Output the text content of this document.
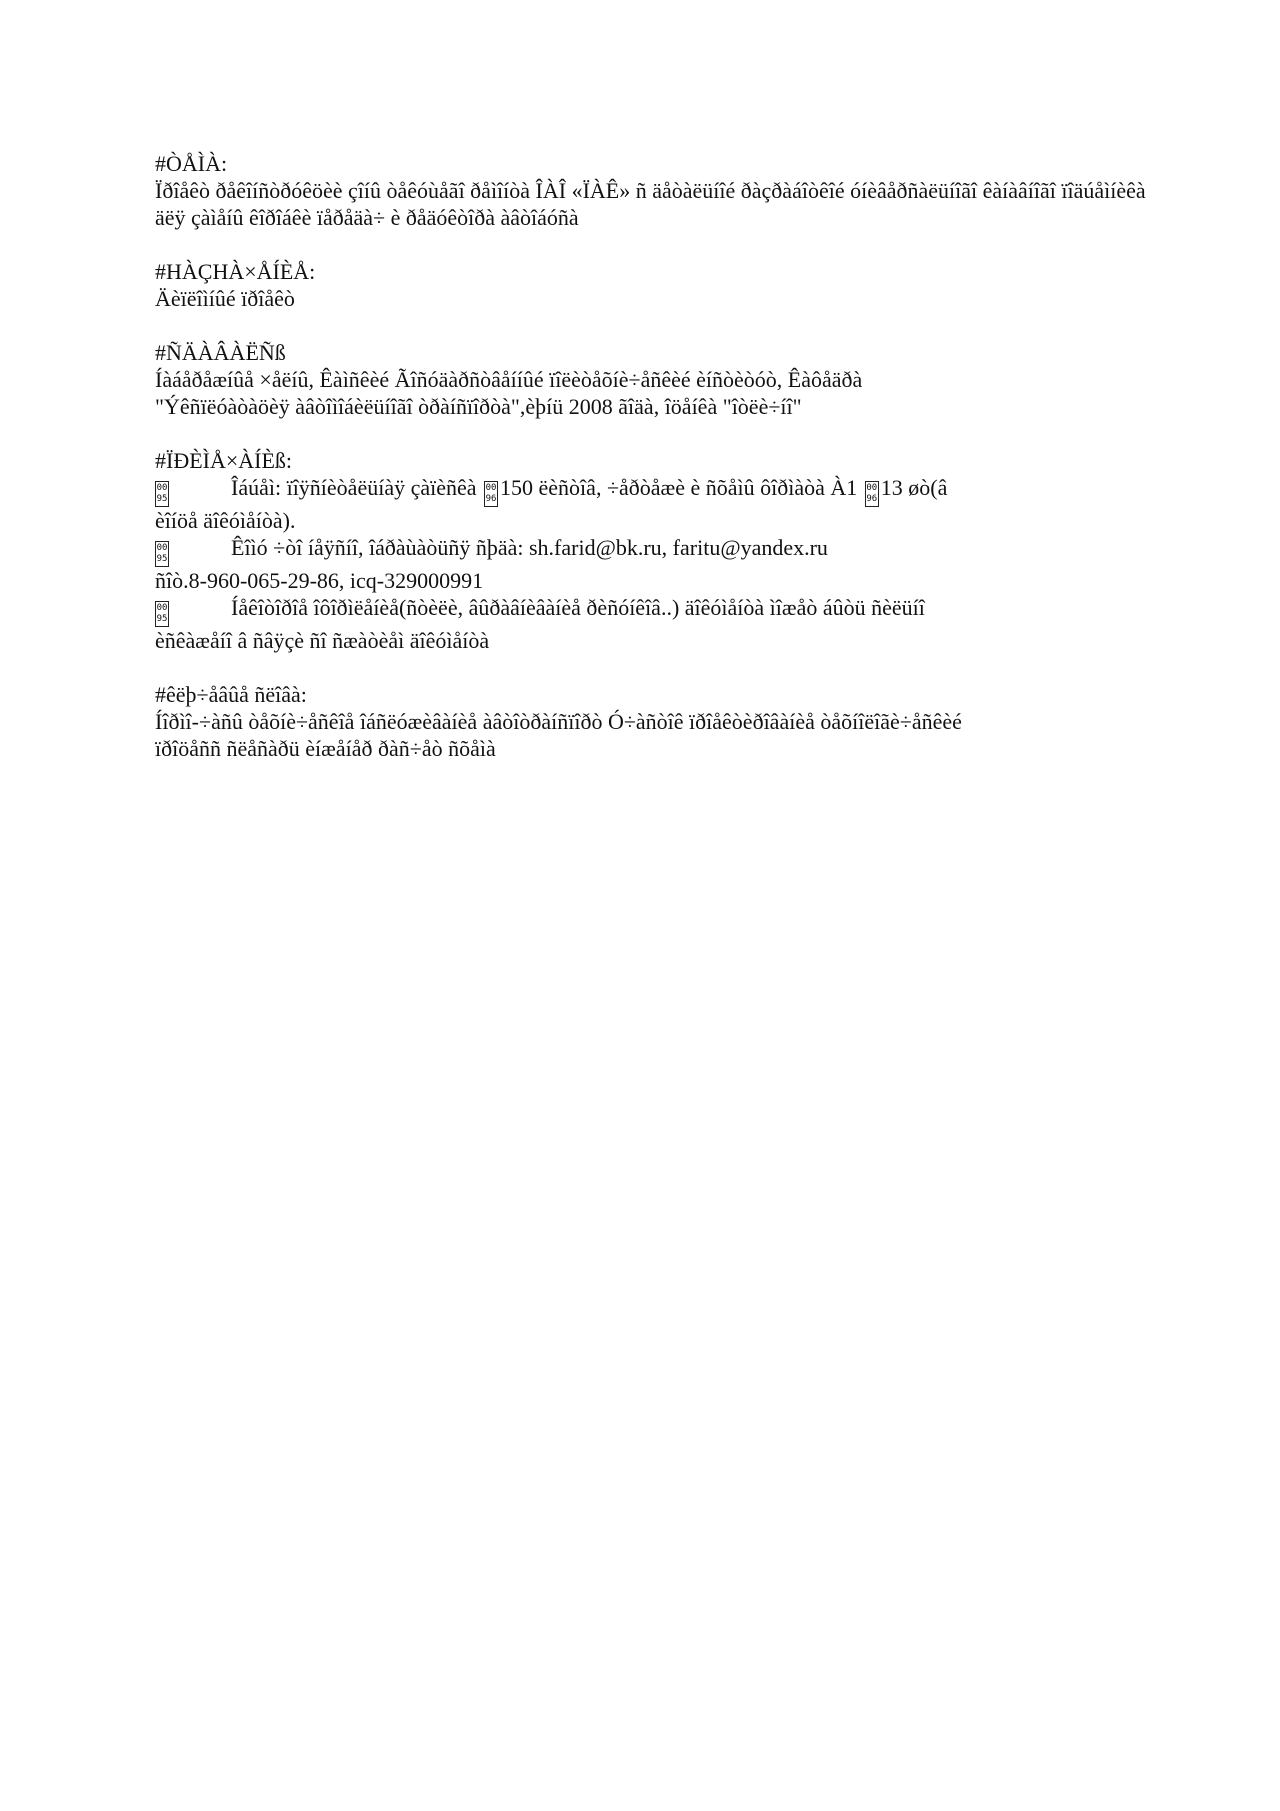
#ÒÅÌÀ:
Ïðîåêò ðåêîíñòðóêöèè çîíû òåêóùåãî ðåìîíòà ÎÀÎ «ÏÀÊ» ñ äåòàëüíîé ðàçðàáîòêîé óíèâåðñàëüíîãî êàíàâíîãî ïîäúåìíèêà äëÿ çàìåíû êîðîáêè ïåðåäà÷ è ðåäóêòîðà àâòîáóñà
#HÀÇHÀ×ÅÍÈÅ:
Äèïëîìíûé ïðîåêò
#ÑÄÀÂÀËÑß
Íàáåðåæíûå ×åëíû, Êàìñêèé Ãîñóäàðñòâåííûé ïîëèòåõíè÷åñêèé èíñòèòóò, Êàôåäðà
"Ýêñïëóàòàöèÿ àâòîìîáèëüíîãî òðàíñïîðòà",èþíü 2008 ãîäà, îöåíêà "îòëè÷íî"
#ÏÐÈÌÅ×ÀÍÈß:
00
95	Îáúåì: ïîÿñíèòåëüíàÿ çàïèñêà 00
96 150 ëèñòîâ, ÷åðòåæè è ñõåìû ôîðìàòà À1 00
96 13 øò(â
èîíöå äîêóìåíòà).
00
95	Êîìó ÷òî íåÿñíî, îáðàùàòüñÿ ñþäà: sh.farid@bk.ru, faritu@yandex.ru
ñîò.8-960-065-29-86, icq-329000991
00
95	Íåêîòîðîå îôîðìëåíèå(ñòèëè, âûðàâíèâàíèå ðèñóíêîâ..) äîêóìåíòà ìîæåò áûòü ñèëüíî
èñêàæåíî â ñâÿçè ñî ñæàòèåì äîêóìåíòà
#êëþ÷åâûå ñëîâà:
Íîðìî-÷àñû òåõíè÷åñêîå îáñëóæèâàíèå àâòîòðàíñïîðò Ó÷àñòîê ïðîåêòèðîâàíèå òåõíîëîãè÷åñêèé
ïðîöåññ ñëåñàðü èíæåíåð ðàñ÷åò ñõåìà
